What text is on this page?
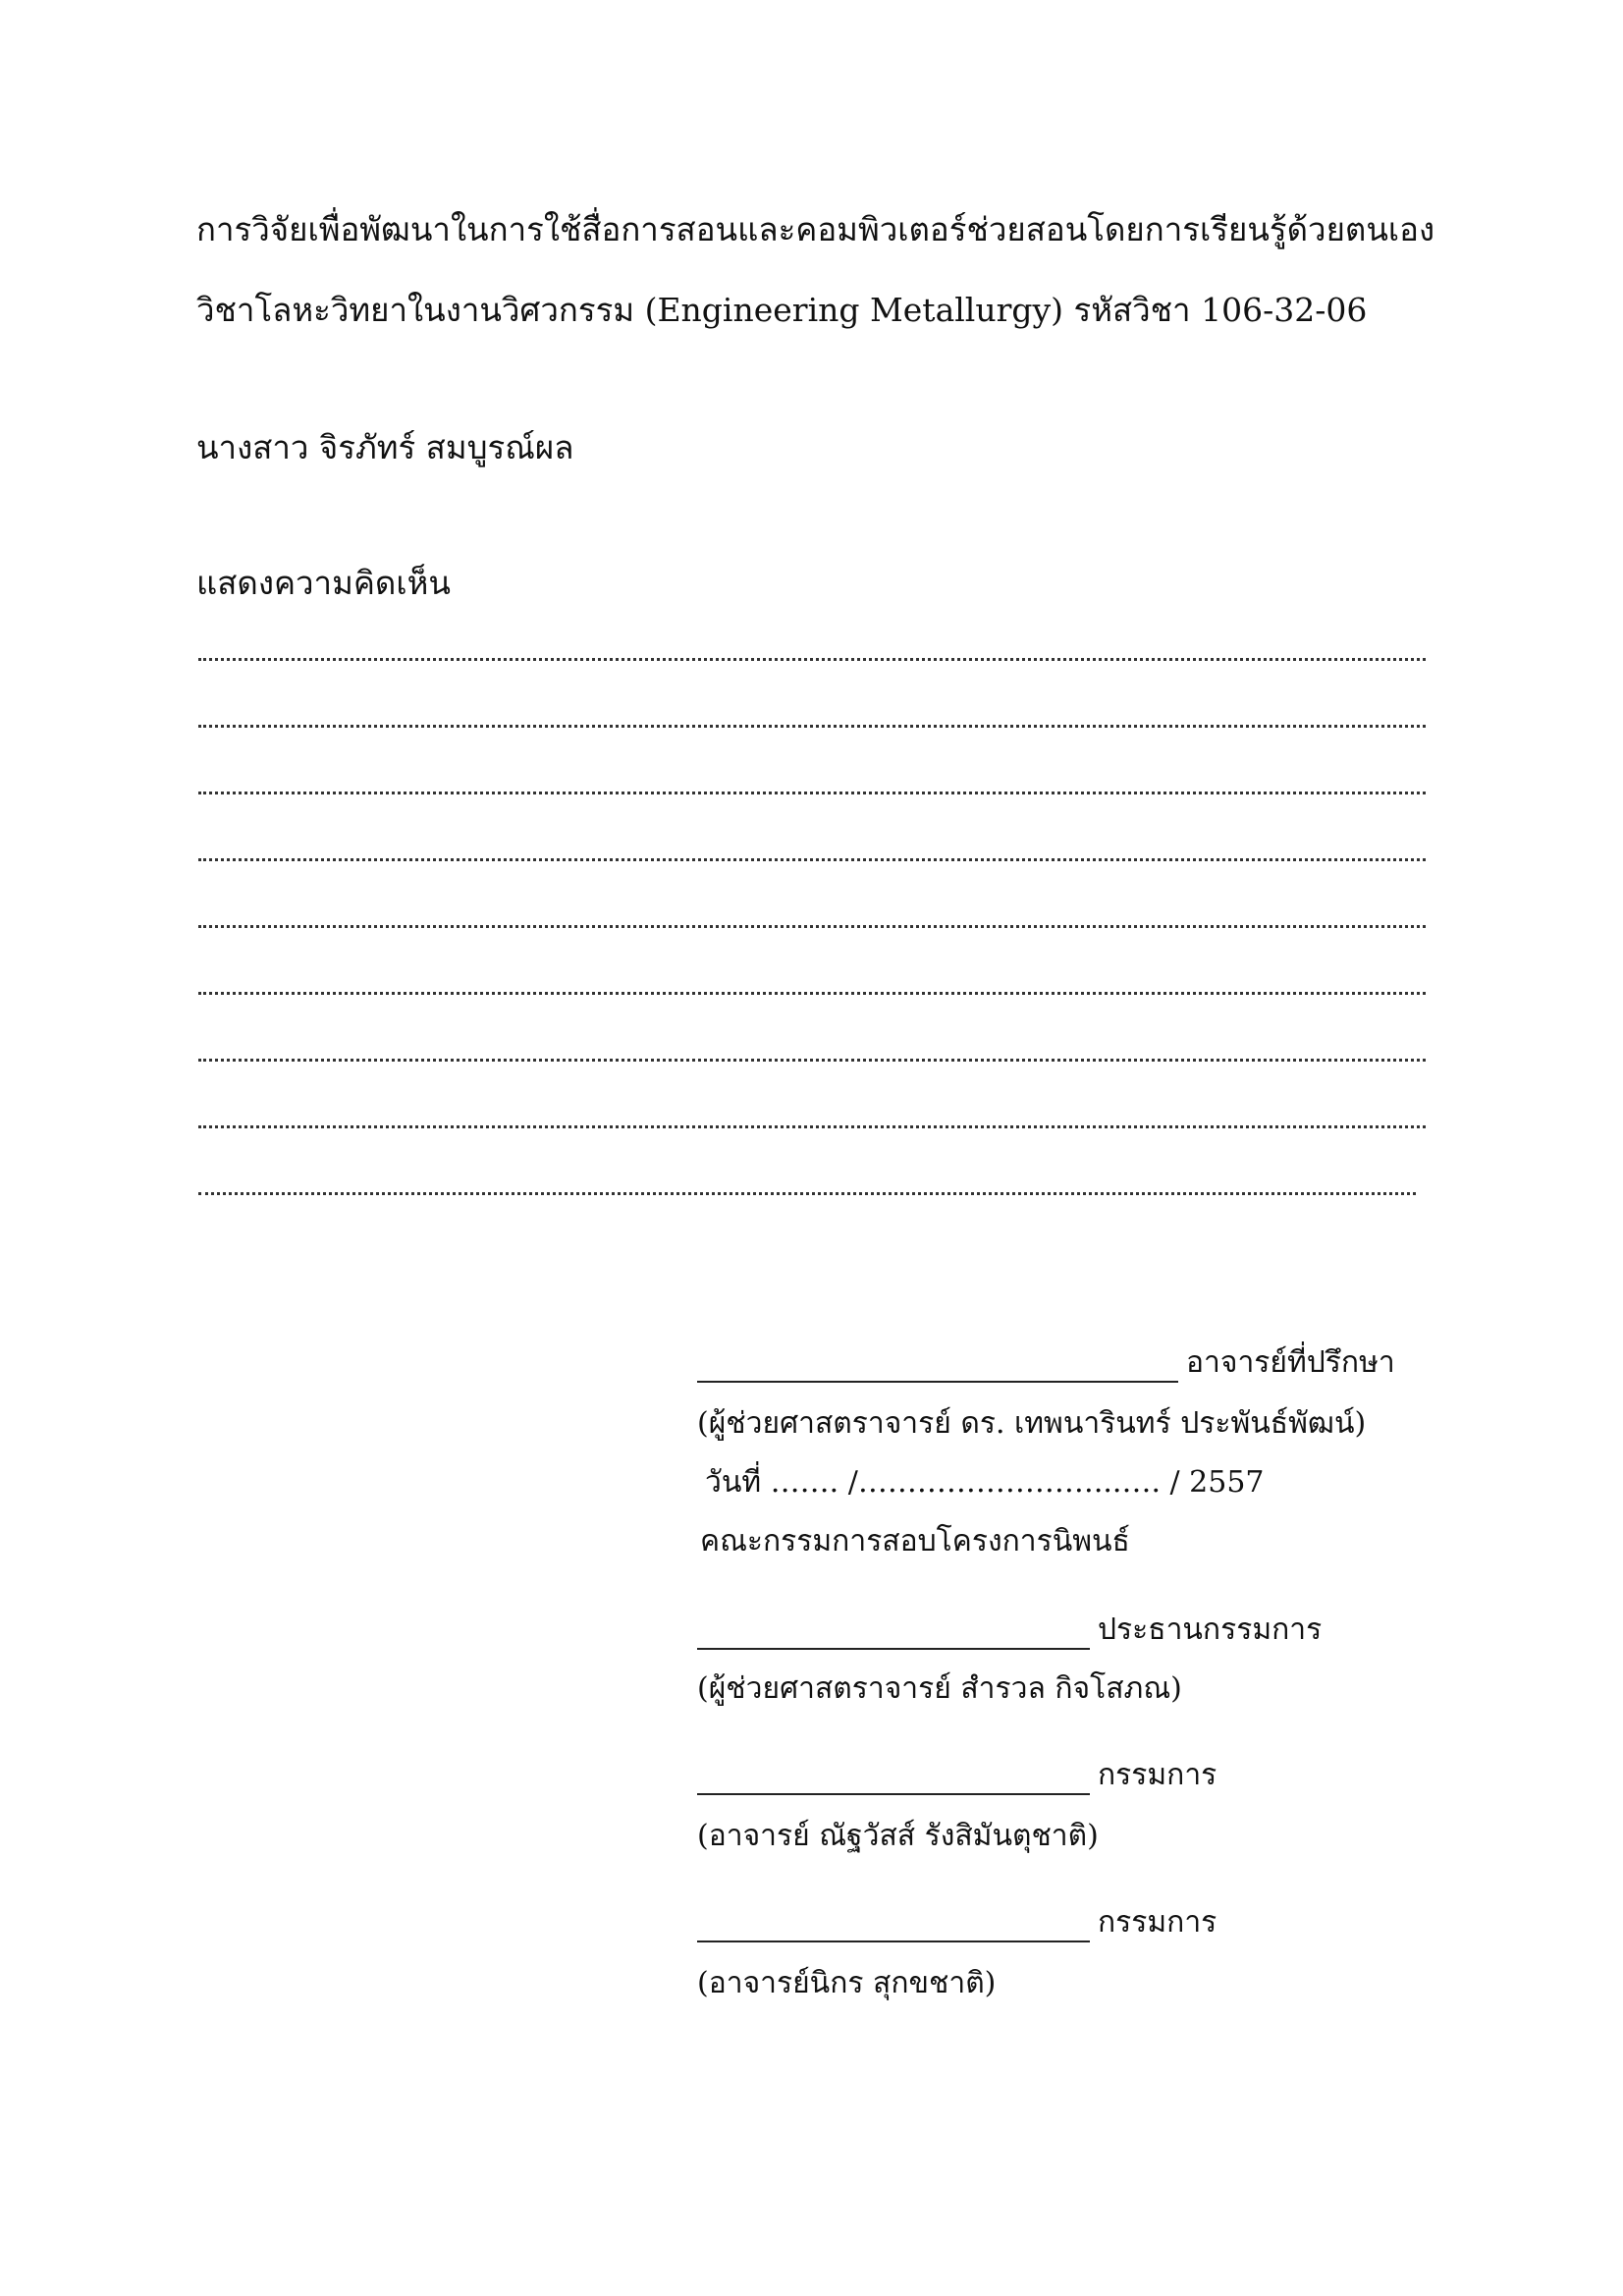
การวิจัยเพื่อพัฒนาในการใช้สื่อการสอนและคอมพิวเตอร์ช่วยสอนโดยการเรียนรู้ด้วยตนเอง
วิชาโลหะวิทยาในงานวิศวกรรม (Engineering Metallurgy) รหัสวิชา 106-32-06
นางสาว จิรภัทร์ สมบูรณ์ผล
แสดงความคิดเห็น
อาจารย์ที่ปรึกษา
(ผู้ช่วยศาสตราจารย์ ดร. เทพนารินทร์ ประพันธ์พัฒน์)
วันที่ ……. /……………………...…. / 2557
คณะกรรมการสอบโครงการนิพนธ์
ประธานกรรมการ
(ผู้ช่วยศาสตราจารย์ สำรวล กิจโสภณ)
กรรมการ
(อาจารย์ ณัฐวัสส์ รังสิมันตุชาติ)
กรรมการ
(อาจารย์นิกร สุกขชาติ)
